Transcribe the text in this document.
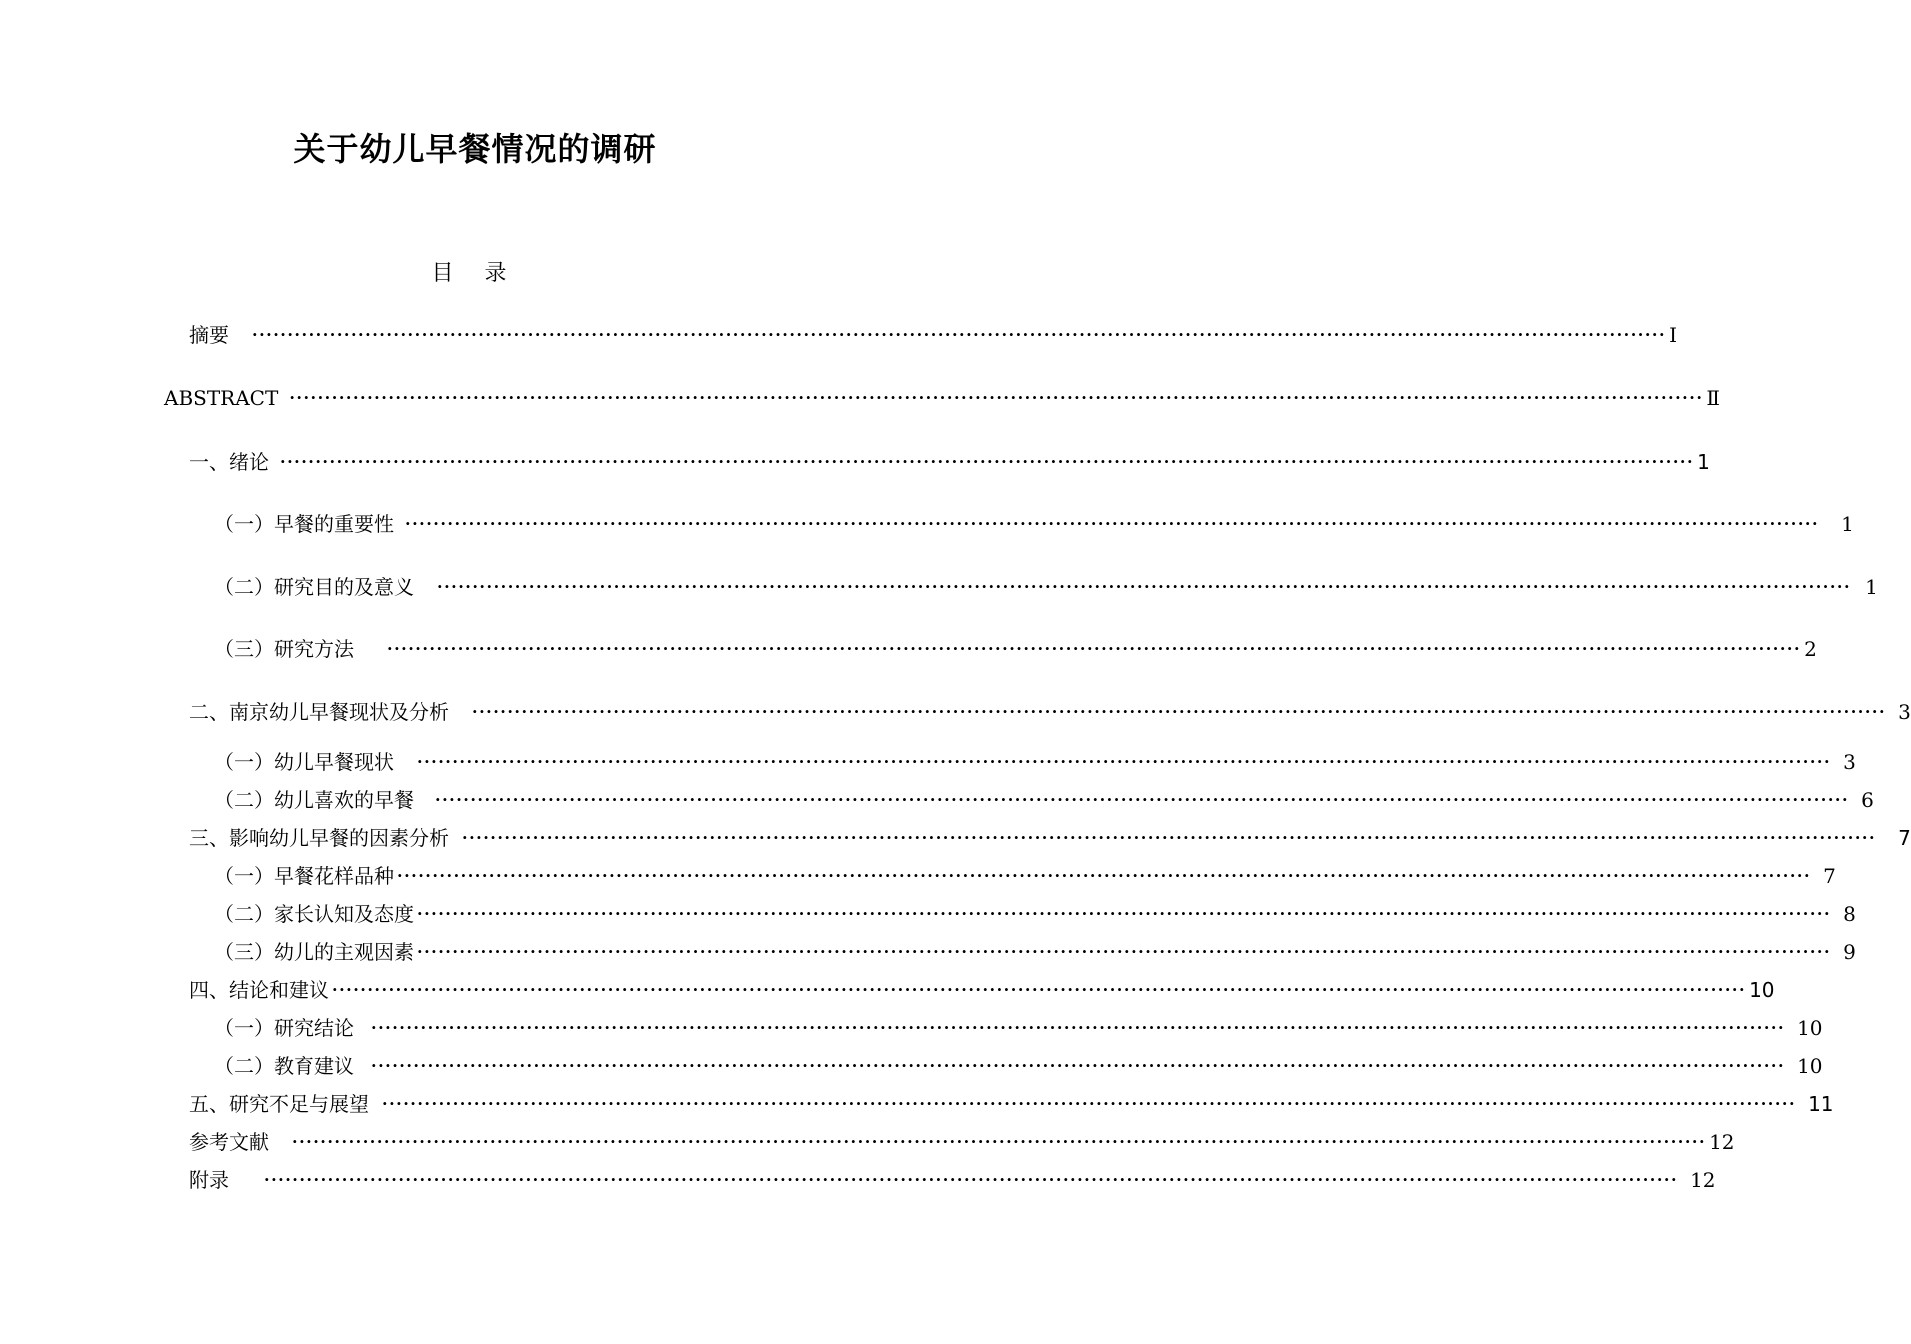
关于幼儿早餐情况的调研
目 录
摘要 ········································································································································································································ Ⅰ
ABSTRACT ········································································································································································································ Ⅱ
一、绪论 ········································································································································································································ 1
（一）早餐的重要性 ········································································································································································································ 1
（二）研究目的及意义 ········································································································································································································ 1
（三）研究方法 ········································································································································································································ 2
二、南京幼儿早餐现状及分析 ········································································································································································································ 3
（一）幼儿早餐现状 ········································································································································································································ 3
（二）幼儿喜欢的早餐 ········································································································································································································ 6
三、影响幼儿早餐的因素分析 ········································································································································································································ 7
（一）早餐花样品种 ········································································································································································································ 7
（二）家长认知及态度 ········································································································································································································ 8
（三）幼儿的主观因素 ········································································································································································································ 9
四、结论和建议 ········································································································································································································ 10
（一）研究结论 ········································································································································································································ 10
（二）教育建议 ········································································································································································································ 10
五、研究不足与展望 ········································································································································································································ 11
参考文献 ········································································································································································································ 12
附录 ········································································································································································································ 12
